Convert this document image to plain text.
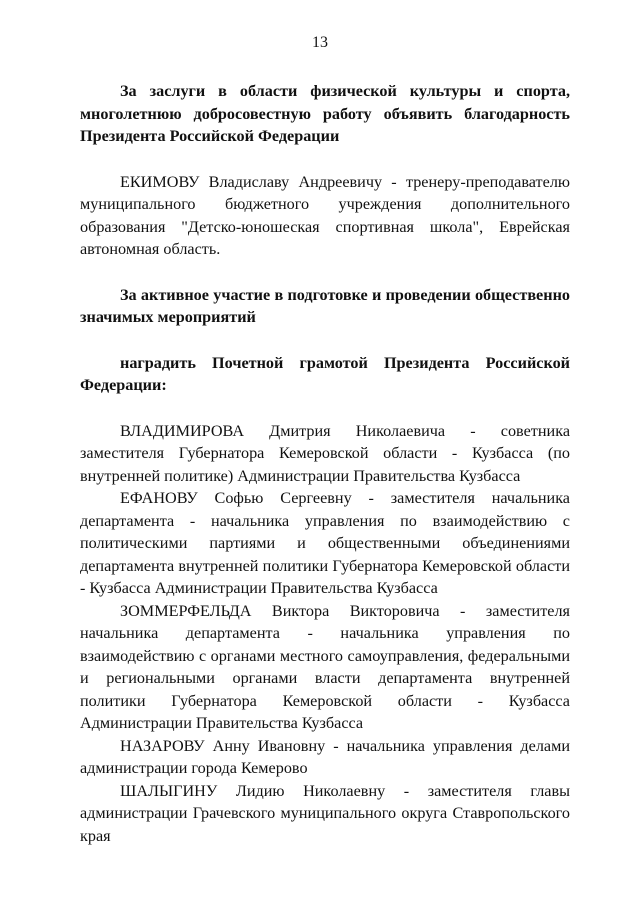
13

За заслуги в области физической культуры и спорта, многолетнюю добросовестную работу объявить благодарность Президента Российской Федерации

ЕКИМОВУ Владиславу Андреевичу - тренеру-преподавателю муниципального бюджетного учреждения дополнительного образования "Детско-юношеская спортивная школа", Еврейская автономная область.

За активное участие в подготовке и проведении общественно значимых мероприятий

наградить Почетной грамотой Президента Российской Федерации:

ВЛАДИМИРОВА Дмитрия Николаевича - советника заместителя Губернатора Кемеровской области - Кузбасса (по внутренней политике) Администрации Правительства Кузбасса

ЕФАНОВУ Софью Сергеевну - заместителя начальника департамента - начальника управления по взаимодействию с политическими партиями и общественными объединениями департамента внутренней политики Губернатора Кемеровской области - Кузбасса Администрации Правительства Кузбасса

ЗОММЕРФЕЛЬДА Виктора Викторовича - заместителя начальника департамента - начальника управления по взаимодействию с органами местного самоуправления, федеральными и региональными органами власти департамента внутренней политики Губернатора Кемеровской области - Кузбасса Администрации Правительства Кузбасса

НАЗАРОВУ Анну Ивановну - начальника управления делами администрации города Кемерово

ШАЛЫГИНУ Лидию Николаевну - заместителя главы администрации Грачевского муниципального округа Ставропольского края
